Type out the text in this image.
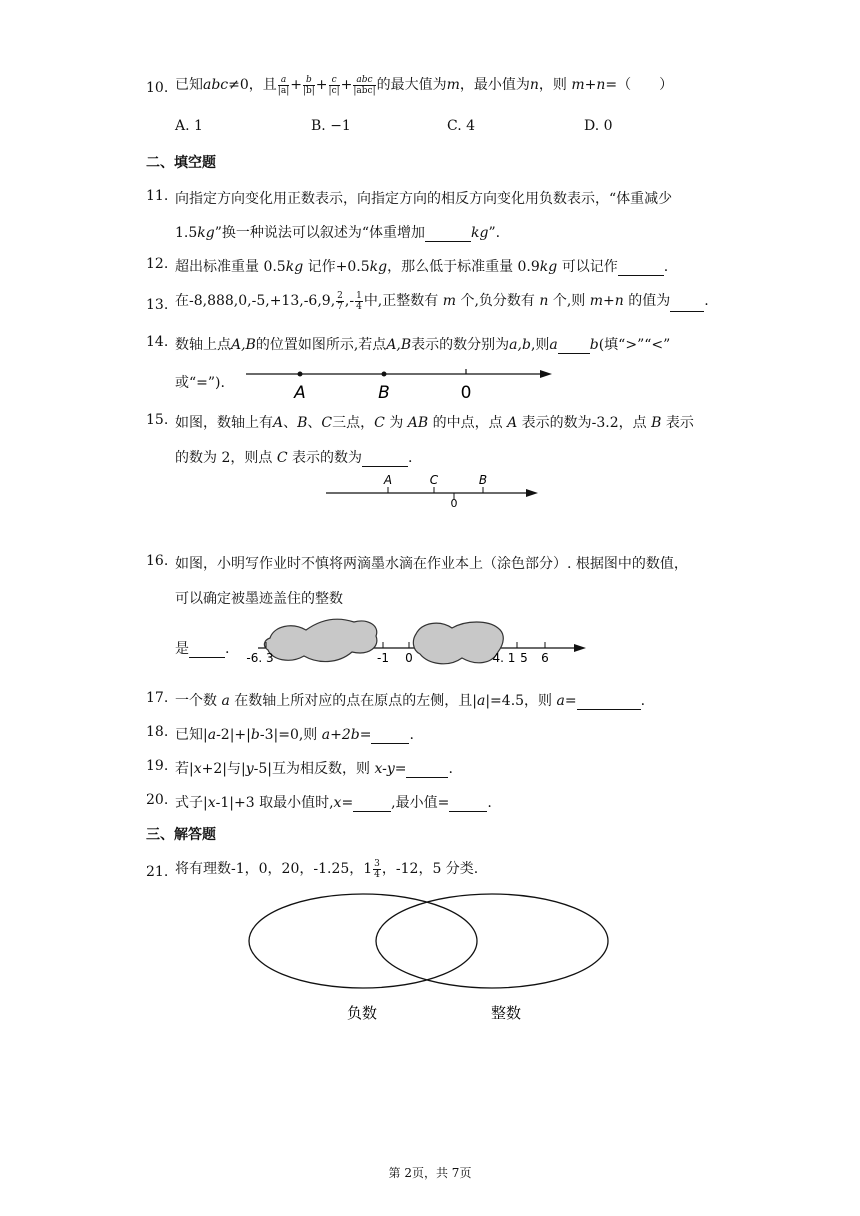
10. 已知abc≠0，且 $\frac{a}{|a|} + \frac{b}{|b|} + \frac{c}{|c|} + \frac{\text{abc}}{\text{|abc|}}$ 的最大值为m，最小值为n，则 m+n=（　　）
A. 1	B. −1	C. 4	D. 0
二、填空题
11. 向指定方向变化用正数表示，向指定方向的相反方向变化用负数表示，“体重减少
1.5kg”换一种说法可以叙述为“体重增加	kg”.
12. 超出标准重量 0.5kg 记作+0.5kg，那么低于标准重量 0.9kg 可以记作	.
13. 在-8,888,0,-5,+13,-6,9, $\frac{2}{7}$ ,- $\frac{1}{4}$ 中,正整数有 m 个,负分数有 n 个,则 m+n 的值为 .
14. 数轴上点A,B的位置如图所示,若点A,B表示的数分别为a,b,则a b(填“>”“<”
或“=”).	A	B	0
15. 如图，数轴上有A、B、C三点，C 为 AB 的中点，点 A 表示的数为-3.2，点 B 表示
的数为 2，则点 C 表示的数为	.
A	C	B
0
16. 如图，小明写作业时不慎将两滴墨水滴在作业本上（涂色部分）. 根据图中的数值，
可以确定被墨迹盖住的整数
是	.
-6. 3	-1 0	4. 1 5 6
17. 一个数 a 在数轴上所对应的点在原点的左侧，且|a|=4.5，则 a=	.
18. 已知|a-2|+|b-3|=0,则 a+2b=	.
19. 若|x+2|与|y-5|互为相反数，则 x-y=	.
20. 式子|x-1|+3 取最小值时,x=	,最小值=	.
三、解答题
21. 将有理数-1，0，20，-1.25，$1 \frac{3}{4}$ ，-12，5 分类.
负数	整数
第 2页，共 7页
